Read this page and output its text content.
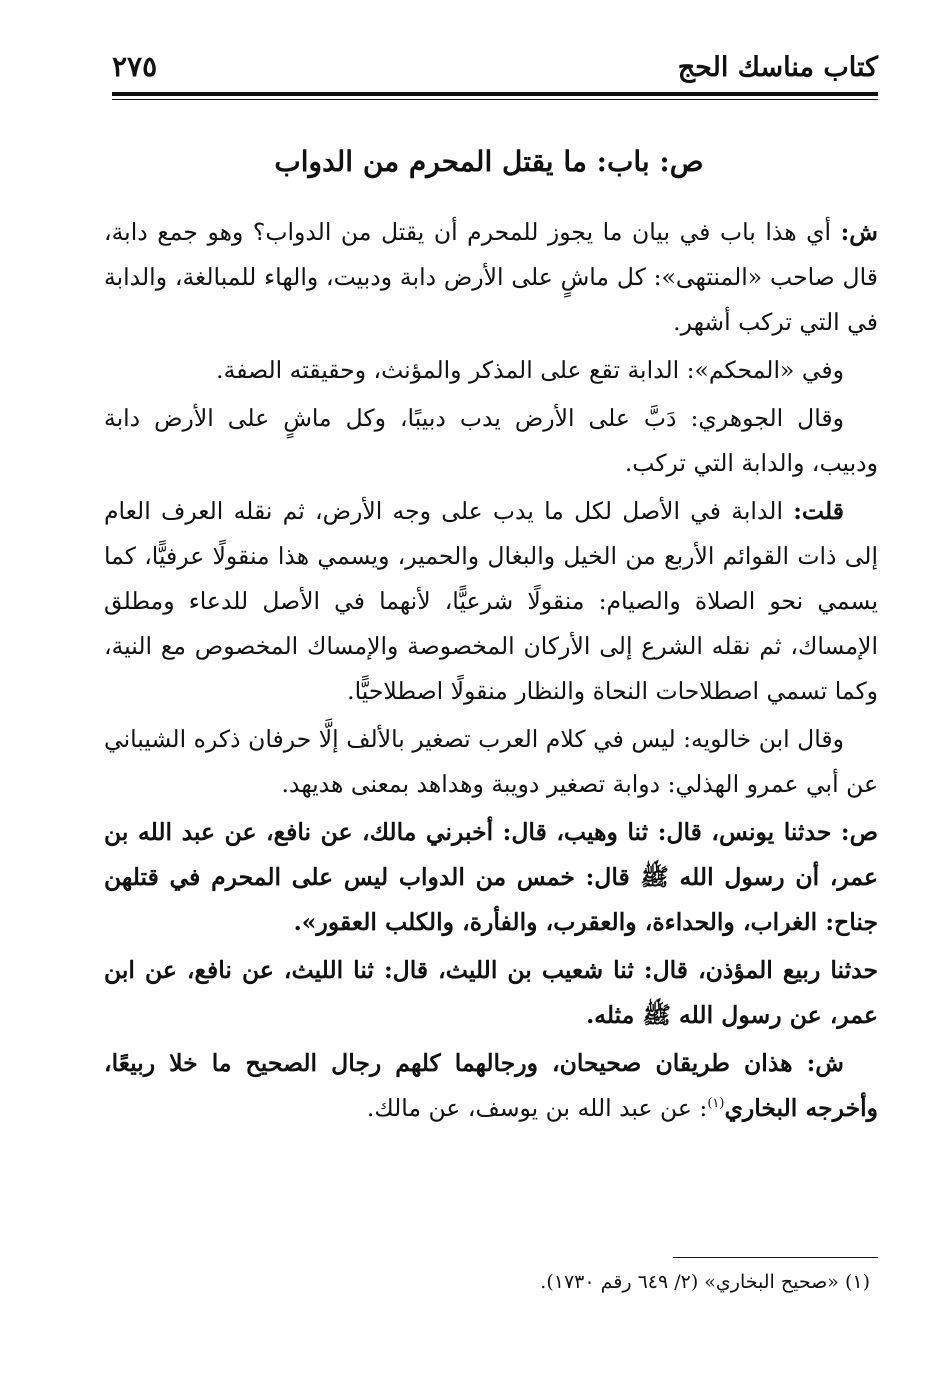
كتاب مناسك الحج
٢٧٥
ص: باب: ما يقتل المحرم من الدواب

ش: أي هذا باب في بيان ما يجوز للمحرم أن يقتل من الدواب؟ وهو جمع دابة، قال صاحب «المنتهى»: كل ماشٍ على الأرض دابة ودبيت، والهاء للمبالغة، والدابة في التي تركب أشهر.

وفي «المحكم»: الدابة تقع على المذكر والمؤنث، وحقيقته الصفة.

وقال الجوهري: دَبَّ على الأرض يدب دبيبًا، وكل ماشٍ على الأرض دابة ودبيب، والدابة التي تركب.

قلت: الدابة في الأصل لكل ما يدب على وجه الأرض، ثم نقله العرف العام إلى ذات القوائم الأربع من الخيل والبغال والحمير، ويسمي هذا منقولًا عرفيًّا، كما يسمي نحو الصلاة والصيام: منقولًا شرعيًّا، لأنهما في الأصل للدعاء ومطلق الإمساك، ثم نقله الشرع إلى الأركان المخصوصة والإمساك المخصوص مع النية، وكما تسمي اصطلاحات النحاة والنظار منقولًا اصطلاحيًّا.

وقال ابن خالويه: ليس في كلام العرب تصغير بالألف إلَّا حرفان ذكره الشيباني عن أبي عمرو الهذلي: دوابة تصغير دويبة وهداهد بمعنى هديهد.

ص: حدثنا يونس، قال: ثنا وهيب، قال: أخبرني مالك، عن نافع، عن عبد الله بن عمر، أن رسول الله ﷺ قال: خمس من الدواب ليس على المحرم في قتلهن جناح: الغراب، والحداءة، والعقرب، والفأرة، والكلب العقور».

حدثنا ربيع المؤذن، قال: ثنا شعيب بن الليث، قال: ثنا الليث، عن نافع، عن ابن عمر، عن رسول الله ﷺ مثله.

ش: هذان طريقان صحيحان، ورجالهما كلهم رجال الصحيح ما خلا ربيعًا، وأخرجه البخاري$^{(١)}$: عن عبد الله بن يوسف، عن مالك.

(١) «صحيح البخاري» (٢/ ٦٤٩ رقم ١٧٣٠).
